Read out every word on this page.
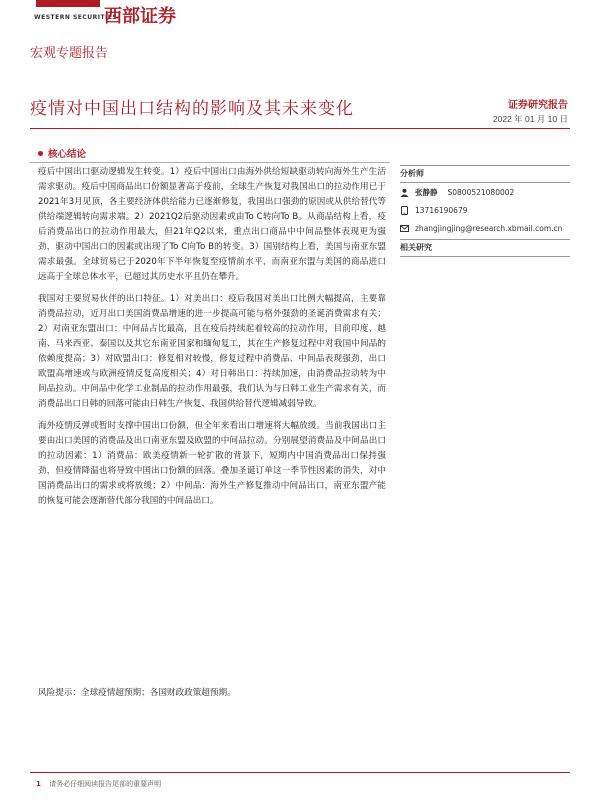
WESTERN SECURITIES
西部证券
宏观专题报告
疫情对中国出口结构的影响及其未来变化	证券研究报告
2022 年 01 月 10 日
核心结论

疫后中国出口驱动逻辑发生转变。1）疫后中国出口由海外供给短缺驱动转向海外生产生活需求驱动。疫后中国商品出口份额显著高于疫前，全球生产恢复对我国出口的拉动作用已于2021年3月见顶，各主要经济体供给能力已逐渐修复，我国出口强劲的原因或从供给替代等供给端逻辑转向需求端。2）2021Q2后驱动因素或由To C转向To B。从商品结构上看，疫后消费品出口的拉动作用最大，但21年Q2以来，重点出口商品中中间品整体表现更为强劲，驱动中国出口的因素或出现了To C向To B的转变。3）国别结构上看，美国与南亚东盟需求最强。全球贸易已于2020年下半年恢复至疫情前水平，而南亚东盟与美国的商品进口远高于全球总体水平，已超过其历史水平且仍在攀升。

我国对主要贸易伙伴的出口特征。1）对美出口：疫后我国对美出口比例大幅提高，主要靠消费品拉动，近月出口美国消费品增速的进一步提高可能与格外强劲的圣诞消费需求有关；2）对南亚东盟出口：中间品占比最高，且在疫后持续起着较高的拉动作用，目前印度、越南、马来西亚、泰国以及其它东南亚国家和缅甸复工，其在生产修复过程中对我国中间品的依赖度提高；3）对欧盟出口：修复相对较慢，修复过程中消费品、中间品表现强劲，出口欧盟高增速或与欧洲疫情反复高度相关；4）对日韩出口：持续加速，由消费品拉动转为中间品拉动。中间品中化学工业制品的拉动作用最强，我们认为与日韩工业生产需求有关，而消费品出口日韩的回落可能由日韩生产恢复、我国供给替代逻辑减弱导致。

海外疫情反弹或暂时支撑中国出口份额，但全年来看出口增速将大幅放缓。当前我国出口主要由出口美国的消费品及出口南亚东盟及欧盟的中间品拉动。分别展望消费品及中间品出口的拉动因素：1）消费品：欧美疫情新一轮扩散的背景下，短期内中国消费品出口保持强劲，但疫情降温也将导致中国出口份额的回落。叠加圣诞订单这一季节性因素的消失，对中国消费品出口的需求或将放缓；2）中间品：海外生产修复推动中间品出口，南亚东盟产能的恢复可能会逐渐替代部分我国的中间品出口。

风险提示：全球疫情超预期；各国财政政策超预期。
分析师
张静静 S0800521080002
13716190679
zhangjingjing@research.xbmail.com.cn
相关研究
1 请务必仔细阅读报告尾部的重要声明
